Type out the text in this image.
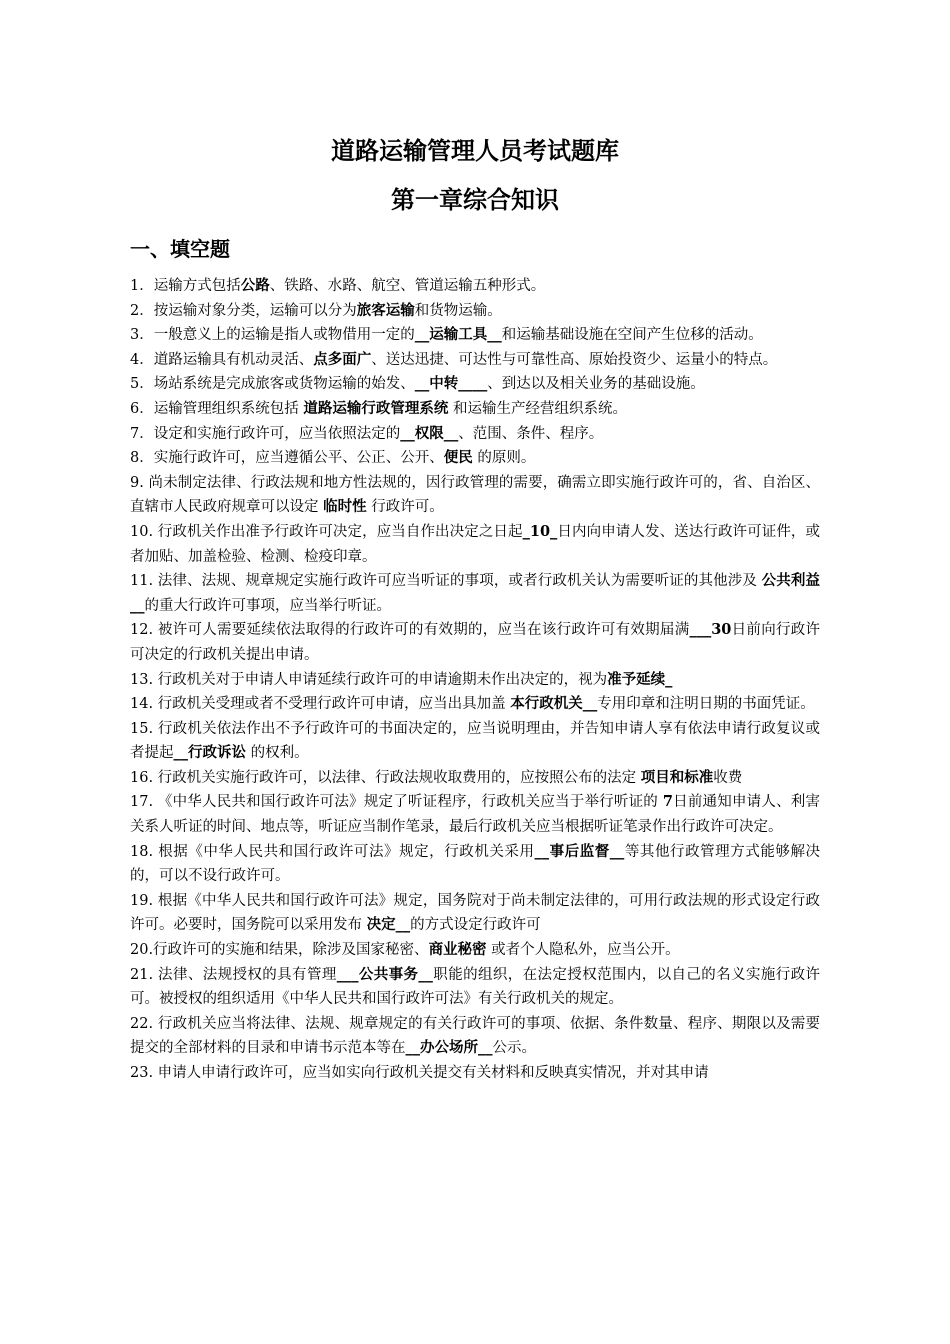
道路运输管理人员考试题库
第一章综合知识
一、填空题

1．运输方式包括公路、铁路、水路、航空、管道运输五种形式。

2．按运输对象分类，运输可以分为旅客运输和货物运输。

3．一般意义上的运输是指人或物借用一定的__运输工具__和运输基础设施在空间产生位移的活动。

4．道路运输具有机动灵活、点多面广、送达迅捷、可达性与可靠性高、原始投资少、运量小的特点。

5．场站系统是完成旅客或货物运输的始发、__中转____、到达以及相关业务的基础设施。

6．运输管理组织系统包括 道路运输行政管理系统 和运输生产经营组织系统。

7．设定和实施行政许可，应当依照法定的__权限__、范围、条件、程序。

8．实施行政许可，应当遵循公平、公正、公开、便民 的原则。

9. 尚未制定法律、行政法规和地方性法规的，因行政管理的需要，确需立即实施行政许可的，省、自治区、直辖市人民政府规章可以设定 临时性 行政许可。

10. 行政机关作出准予行政许可决定，应当自作出决定之日起_10_日内向申请人发、送达行政许可证件，或者加贴、加盖检验、检测、检疫印章。

11. 法律、法规、规章规定实施行政许可应当听证的事项，或者行政机关认为需要听证的其他涉及 公共利益__的重大行政许可事项，应当举行听证。

12. 被许可人需要延续依法取得的行政许可的有效期的，应当在该行政许可有效期届满___30日前向行政许可决定的行政机关提出申请。

13. 行政机关对于申请人申请延续行政许可的申请逾期未作出决定的，视为准予延续_

14. 行政机关受理或者不受理行政许可申请，应当出具加盖 本行政机关__专用印章和注明日期的书面凭证。

15. 行政机关依法作出不予行政许可的书面决定的，应当说明理由，并告知申请人享有依法申请行政复议或者提起__行政诉讼 的权利。

16. 行政机关实施行政许可，以法律、行政法规收取费用的，应按照公布的法定 项目和标准收费

17. 《中华人民共和国行政许可法》规定了听证程序，行政机关应当于举行听证的 7日前通知申请人、利害关系人听证的时间、地点等，听证应当制作笔录，最后行政机关应当根据听证笔录作出行政许可决定。

18. 根据《中华人民共和国行政许可法》规定，行政机关采用__事后监督__等其他行政管理方式能够解决的，可以不设行政许可。

19. 根据《中华人民共和国行政许可法》规定，国务院对于尚未制定法律的，可用行政法规的形式设定行政许可。必要时，国务院可以采用发布 决定__的方式设定行政许可

20.行政许可的实施和结果，除涉及国家秘密、商业秘密 或者个人隐私外，应当公开。

21. 法律、法规授权的具有管理___公共事务__职能的组织，在法定授权范围内，以自己的名义实施行政许可。被授权的组织适用《中华人民共和国行政许可法》有关行政机关的规定。

22. 行政机关应当将法律、法规、规章规定的有关行政许可的事项、依据、条件数量、程序、期限以及需要提交的全部材料的目录和申请书示范本等在__办公场所__公示。

23. 申请人申请行政许可，应当如实向行政机关提交有关材料和反映真实情况，并对其申请
